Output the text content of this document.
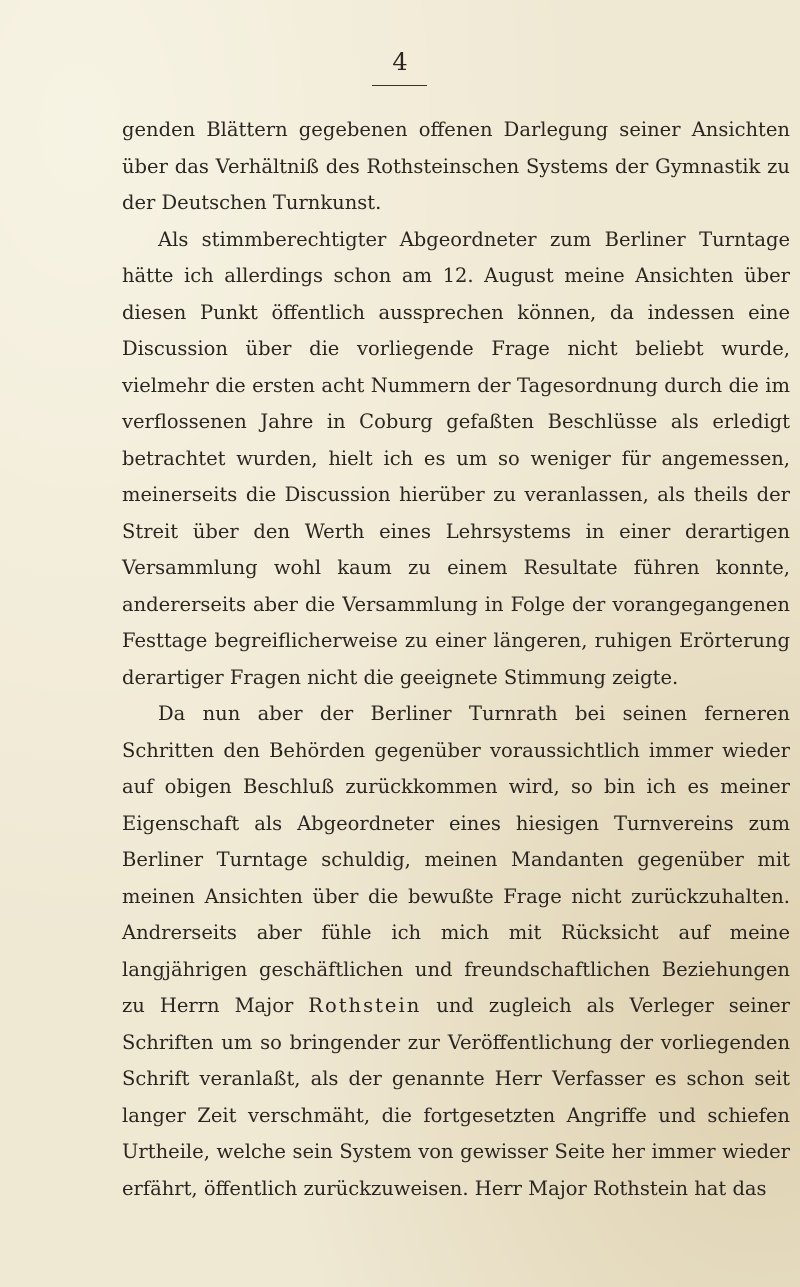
4

genden Blättern gegebenen offenen Darlegung seiner Ansichten über das Verhältniß des Rothsteinschen Systems der Gymnastik zu der Deutschen Turnkunst.

Als stimmberechtigter Abgeordneter zum Berliner Turntage hätte ich allerdings schon am 12. August meine Ansichten über diesen Punkt öffentlich aussprechen können, da indessen eine Discussion über die vorliegende Frage nicht beliebt wurde, vielmehr die ersten acht Nummern der Tagesordnung durch die im verflossenen Jahre in Coburg gefaßten Beschlüsse als erledigt betrachtet wurden, hielt ich es um so weniger für angemessen, meinerseits die Discussion hierüber zu veranlassen, als theils der Streit über den Werth eines Lehrsystems in einer derartigen Versammlung wohl kaum zu einem Resultate führen konnte, andererseits aber die Versammlung in Folge der vorangegangenen Festtage begreiflicherweise zu einer längeren, ruhigen Erörterung derartiger Fragen nicht die geeignete Stimmung zeigte.

Da nun aber der Berliner Turnrath bei seinen ferneren Schritten den Behörden gegenüber voraussichtlich immer wieder auf obigen Beschluß zurückkommen wird, so bin ich es meiner Eigenschaft als Abgeordneter eines hiesigen Turnvereins zum Berliner Turntage schuldig, meinen Mandanten gegenüber mit meinen Ansichten über die bewußte Frage nicht zurückzuhalten. Andrerseits aber fühle ich mich mit Rücksicht auf meine langjährigen geschäftlichen und freundschaftlichen Beziehungen zu Herrn Major Rothstein und zugleich als Verleger seiner Schriften um so bringender zur Veröffentlichung der vorliegenden Schrift veranlaßt, als der genannte Herr Verfasser es schon seit langer Zeit verschmäht, die fortgesetzten Angriffe und schiefen Urtheile, welche sein System von gewisser Seite her immer wieder erfährt, öffentlich zurückzuweisen. Herr Major Rothstein hat das
